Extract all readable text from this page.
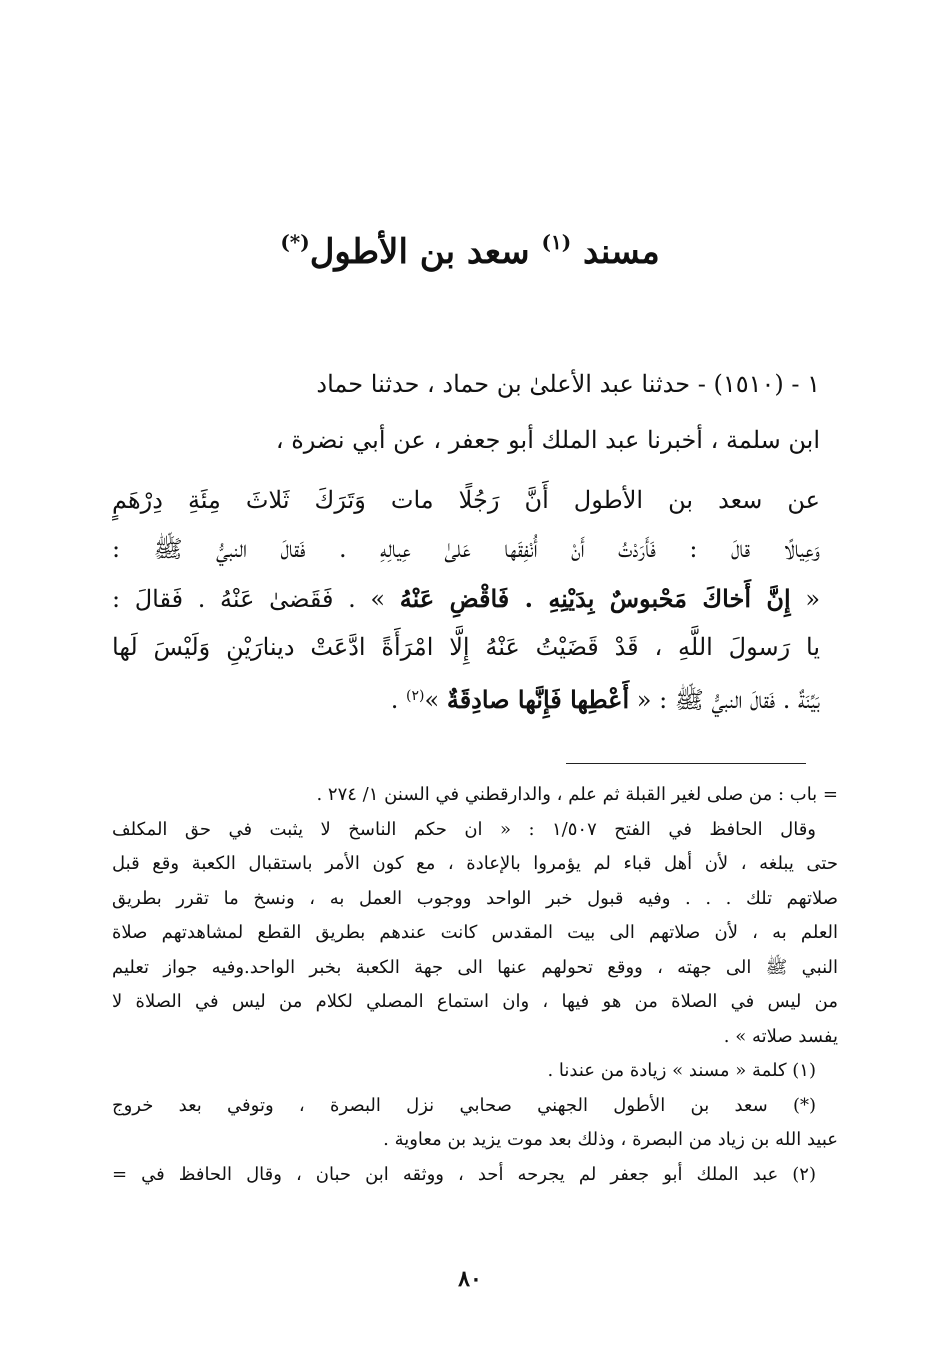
مسند $^{(١)}$ سعد بن الأطول(*)

١ - (١٥١٠) - حدثنا عبد الأعلىٰ بن حماد ، حدثنا حماد

ابن سلمة ، أخبرنا عبد الملك أبو جعفر ، عن أبي نضرة ،

عن سعد بن الأطول أَنَّ رَجُلًا مات وَتَرَكَ ثَلاثَ مِئَةِ دِرْهَمٍ

وَعِيالًا قالَ : فَأَرَدْتُ أَنْ أُنْفِقَها عَلىٰ عِيالِهِ . فَقالَ النبيُّ ﷺ :

« إِنَّ أَخاكَ مَحْبوسٌ بِدَيْنِهِ . فَاقْضِ عَنْهُ » . فَقَضىٰ عَنْهُ . فَقالَ :

يا رَسولَ اللَّهِ ، قَدْ قَضَيْتُ عَنْهُ إِلَّا امْرَأَةً ادَّعَتْ دينارَيْنِ وَلَيْسَ لَها

بَيِّنَةٌ . فَقالَ النبيُّ ﷺ : « أَعْطِها فَإِنَّها صادِقَةٌ »$^{(٢)}$ .

= باب : من صلى لغير القبلة ثم علم ، والدارقطني في السنن ١/ ٢٧٤ .

وقال الحافظ في الفتح ١/٥٠٧ : « ان حكم الناسخ لا يثبت في حق المكلف

حتى يبلغه ، لأن أهل قباء لم يؤمروا بالإعادة ، مع كون الأمر باستقبال الكعبة وقع قبل

صلاتهم تلك . . . وفيه قبول خبر الواحد ووجوب العمل به ، ونسخ ما تقرر بطريق

العلم به ، لأن صلاتهم الى بيت المقدس كانت عندهم بطريق القطع لمشاهدتهم صلاة

النبي ﷺ الى جهته ، ووقع تحولهم عنها الى جهة الكعبة بخبر الواحد.وفيه جواز تعليم

من ليس في الصلاة من هو فيها ، وان استماع المصلي لكلام من ليس في الصلاة لا

يفسد صلاته » .

(١) كلمة « مسند » زيادة من عندنا .

(*) سعد بن الأطول الجهني صحابي نزل البصرة ، وتوفي بعد خروج

عبيد الله بن زياد من البصرة ، وذلك بعد موت يزيد بن معاوية .

(٢) عبد الملك أبو جعفر لم يجرحه أحد ، ووثقه ابن حبان ، وقال الحافظ في =

٨٠
